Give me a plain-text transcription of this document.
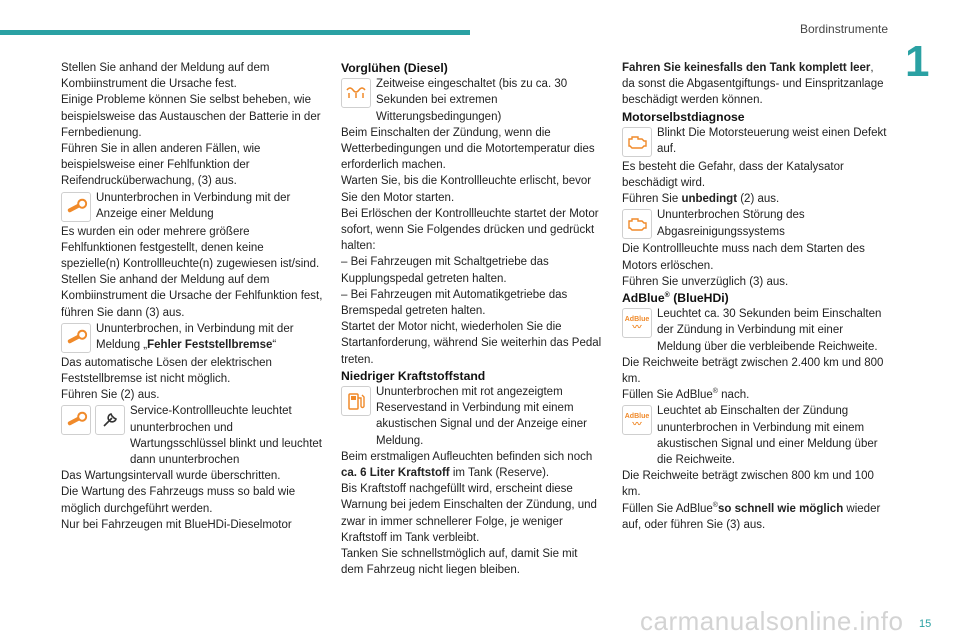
Bordinstrumente
1

Stellen Sie anhand der Meldung auf dem Kombiinstrument die Ursache fest.

Einige Probleme können Sie selbst beheben, wie beispielsweise das Austauschen der Batterie in der Fernbedienung.

Führen Sie in allen anderen Fällen, wie beispielsweise einer Fehlfunktion der Reifendrucküberwachung, (3) aus.

Ununterbrochen in Verbindung mit der Anzeige einer Meldung

Es wurden ein oder mehrere größere Fehlfunktionen festgestellt, denen keine spezielle(n) Kontrollleuchte(n) zugewiesen ist/sind.

Stellen Sie anhand der Meldung auf dem Kombiinstrument die Ursache der Fehlfunktion fest, führen Sie dann (3) aus.

Ununterbrochen, in Verbindung mit der Meldung „Fehler Feststellbremse“

Das automatische Lösen der elektrischen Feststellbremse ist nicht möglich.

Führen Sie (2) aus.

Service-Kontrollleuchte leuchtet ununterbrochen und Wartungsschlüssel blinkt und leuchtet dann ununterbrochen

Das Wartungsintervall wurde überschritten.

Die Wartung des Fahrzeugs muss so bald wie möglich durchgeführt werden.

Nur bei Fahrzeugen mit BlueHDi-Dieselmotor

Vorglühen (Diesel)

Zeitweise eingeschaltet (bis zu ca. 30 Sekunden bei extremen Witterungsbedingungen)

Beim Einschalten der Zündung, wenn die Wetterbedingungen und die Motortemperatur dies erforderlich machen.

Warten Sie, bis die Kontrollleuchte erlischt, bevor Sie den Motor starten.

Bei Erlöschen der Kontrollleuchte startet der Motor sofort, wenn Sie Folgendes drücken und gedrückt halten:

– Bei Fahrzeugen mit Schaltgetriebe das Kupplungspedal getreten halten.

– Bei Fahrzeugen mit Automatikgetriebe das Bremspedal getreten halten.

Startet der Motor nicht, wiederholen Sie die Startanforderung, während Sie weiterhin das Pedal treten.

Niedriger Kraftstoffstand

Ununterbrochen mit rot angezeigtem Reservestand in Verbindung mit einem akustischen Signal und der Anzeige einer Meldung.

Beim erstmaligen Aufleuchten befinden sich noch ca. 6 Liter Kraftstoff im Tank (Reserve).

Bis Kraftstoff nachgefüllt wird, erscheint diese Warnung bei jedem Einschalten der Zündung, und zwar in immer schnellerer Folge, je weniger Kraftstoff im Tank verbleibt.

Tanken Sie schnellstmöglich auf, damit Sie mit dem Fahrzeug nicht liegen bleiben.

Fahren Sie keinesfalls den Tank komplett leer, da sonst die Abgasentgiftungs- und Einspritzanlage beschädigt werden können.

Motorselbstdiagnose

Blinkt Die Motorsteuerung weist einen Defekt auf.

Es besteht die Gefahr, dass der Katalysator beschädigt wird.

Führen Sie unbedingt (2) aus.

Ununterbrochen Störung des Abgasreinigungssystems

Die Kontrollleuchte muss nach dem Starten des Motors erlöschen.

Führen Sie unverzüglich (3) aus.

AdBlue® (BlueHDi)

AdBlue
〰
Leuchtet ca. 30 Sekunden beim Einschalten der Zündung in Verbindung mit einer Meldung über die verbleibende Reichweite.

Die Reichweite beträgt zwischen 2.400 km und 800 km.

Füllen Sie AdBlue® nach.

AdBlue
〰
Leuchtet ab Einschalten der Zündung ununterbrochen in Verbindung mit einem akustischen Signal und einer Meldung über die Reichweite.

Die Reichweite beträgt zwischen 800 km und 100 km.

Füllen Sie AdBlue®so schnell wie möglich wieder auf, oder führen Sie (3) aus.

carmanualsonline.info 15
